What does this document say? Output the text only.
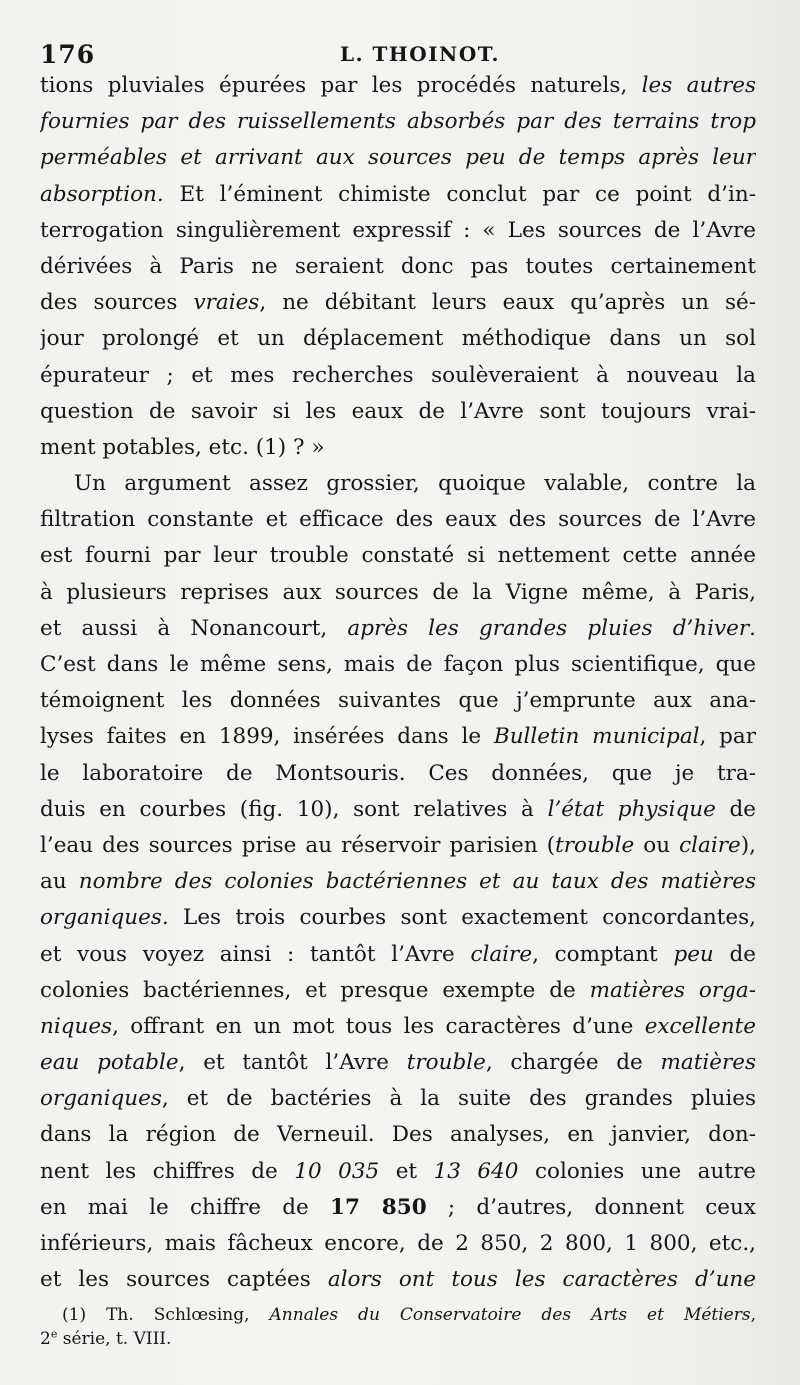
176	L. THOINOT.
tions pluviales épurées par les procédés naturels, les autres
fournies par des ruissellements absorbés par des terrains trop
perméables et arrivant aux sources peu de temps après leur
absorption. Et l’éminent chimiste conclut par ce point d’in-
terrogation singulièrement expressif : « Les sources de l’Avre
dérivées à Paris ne seraient donc pas toutes certainement
des sources vraies, ne débitant leurs eaux qu’après un sé-
jour prolongé et un déplacement méthodique dans un sol
épurateur ; et mes recherches soulèveraient à nouveau la
question de savoir si les eaux de l’Avre sont toujours vrai-
ment potables, etc. (1) ? »
Un argument assez grossier, quoique valable, contre la
filtration constante et efficace des eaux des sources de l’Avre
est fourni par leur trouble constaté si nettement cette année
à plusieurs reprises aux sources de la Vigne même, à Paris,
et aussi à Nonancourt, après les grandes pluies d’hiver.
C’est dans le même sens, mais de façon plus scientifique, que
témoignent les données suivantes que j’emprunte aux ana-
lyses faites en 1899, insérées dans le Bulletin municipal, par
le laboratoire de Montsouris. Ces données, que je tra-
duis en courbes (fig. 10), sont relatives à l’état physique de
l’eau des sources prise au réservoir parisien (trouble ou claire),
au nombre des colonies bactériennes et au taux des matières
organiques. Les trois courbes sont exactement concordantes,
et vous voyez ainsi : tantôt l’Avre claire, comptant peu de
colonies bactériennes, et presque exempte de matières orga-
niques, offrant en un mot tous les caractères d’une excellente
eau potable, et tantôt l’Avre trouble, chargée de matières
organiques, et de bactéries à la suite des grandes pluies
dans la région de Verneuil. Des analyses, en janvier, don-
nent les chiffres de 10 035 et 13 640 colonies une autre
en mai le chiffre de 17 850 ; d’autres, donnent ceux
inférieurs, mais fâcheux encore, de 2 850, 2 800, 1 800, etc.,
et les sources captées alors ont tous les caractères d’une
(1) Th. Schlœsing, Annales du Conservatoire des Arts et Métiers,
2e série, t. VIII.
